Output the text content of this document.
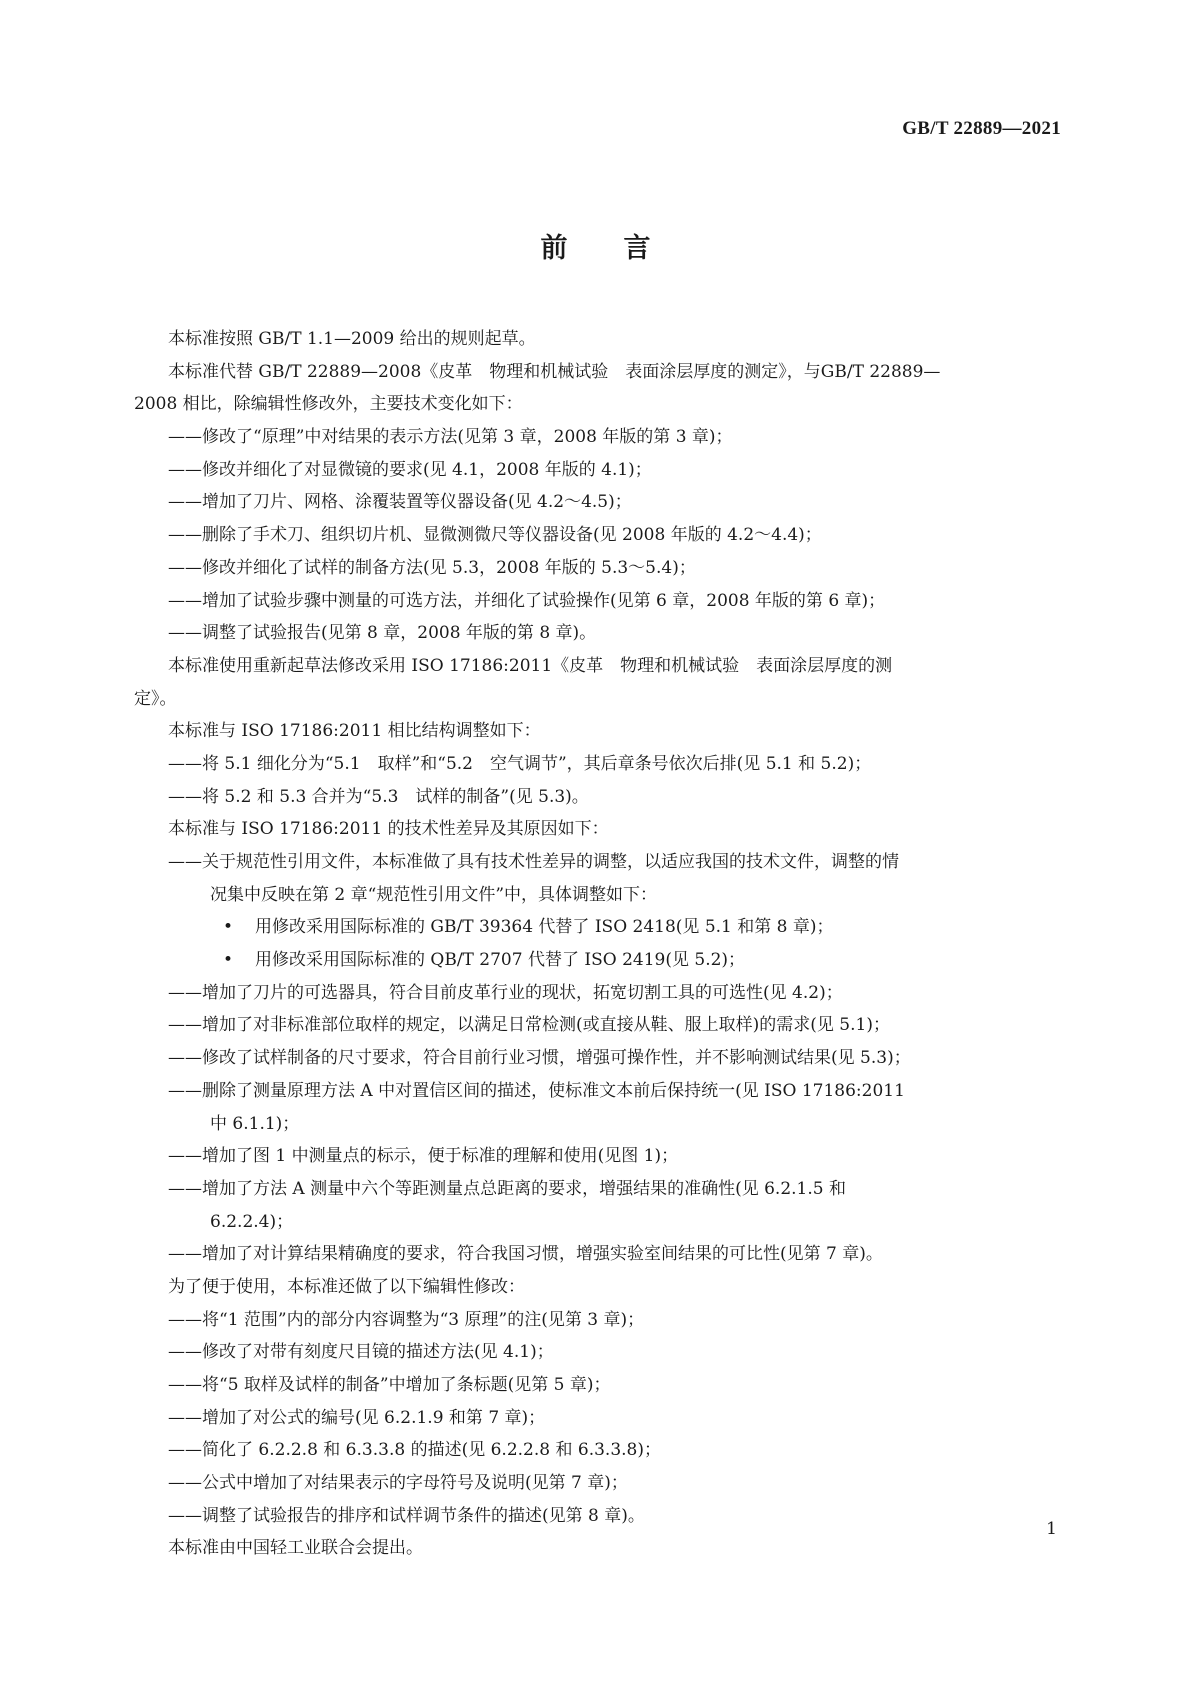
GB/T 22889—2021
前 言
本标准按照 GB/T 1.1—2009 给出的规则起草。
本标准代替 GB/T 22889—2008《皮革　物理和机械试验　表面涂层厚度的测定》，与GB/T 22889—
2008 相比，除编辑性修改外，主要技术变化如下：
——修改了“原理”中对结果的表示方法(见第 3 章，2008 年版的第 3 章)；
——修改并细化了对显微镜的要求(见 4.1，2008 年版的 4.1)；
——增加了刀片、网格、涂覆装置等仪器设备(见 4.2～4.5)；
——删除了手术刀、组织切片机、显微测微尺等仪器设备(见 2008 年版的 4.2～4.4)；
——修改并细化了试样的制备方法(见 5.3，2008 年版的 5.3～5.4)；
——增加了试验步骤中测量的可选方法，并细化了试验操作(见第 6 章，2008 年版的第 6 章)；
——调整了试验报告(见第 8 章，2008 年版的第 8 章)。
本标准使用重新起草法修改采用 ISO 17186:2011《皮革　物理和机械试验　表面涂层厚度的测
定》。
本标准与 ISO 17186:2011 相比结构调整如下：
——将 5.1 细化分为“5.1　取样”和“5.2　空气调节”，其后章条号依次后排(见 5.1 和 5.2)；
——将 5.2 和 5.3 合并为“5.3　试样的制备”(见 5.3)。
本标准与 ISO 17186:2011 的技术性差异及其原因如下：
——关于规范性引用文件，本标准做了具有技术性差异的调整，以适应我国的技术文件，调整的情
况集中反映在第 2 章“规范性引用文件”中，具体调整如下：
• 用修改采用国际标准的 GB/T 39364 代替了 ISO 2418(见 5.1 和第 8 章)；
• 用修改采用国际标准的 QB/T 2707 代替了 ISO 2419(见 5.2)；
——增加了刀片的可选器具，符合目前皮革行业的现状，拓宽切割工具的可选性(见 4.2)；
——增加了对非标准部位取样的规定，以满足日常检测(或直接从鞋、服上取样)的需求(见 5.1)；
——修改了试样制备的尺寸要求，符合目前行业习惯，增强可操作性，并不影响测试结果(见 5.3)；
——删除了测量原理方法 A 中对置信区间的描述，使标准文本前后保持统一(见 ISO 17186:2011
中 6.1.1)；
——增加了图 1 中测量点的标示，便于标准的理解和使用(见图 1)；
——增加了方法 A 测量中六个等距测量点总距离的要求，增强结果的准确性(见 6.2.1.5 和
6.2.2.4)；
——增加了对计算结果精确度的要求，符合我国习惯，增强实验室间结果的可比性(见第 7 章)。
为了便于使用，本标准还做了以下编辑性修改：
——将“1 范围”内的部分内容调整为“3 原理”的注(见第 3 章)；
——修改了对带有刻度尺目镜的描述方法(见 4.1)；
——将“5 取样及试样的制备”中增加了条标题(见第 5 章)；
——增加了对公式的编号(见 6.2.1.9 和第 7 章)；
——简化了 6.2.2.8 和 6.3.3.8 的描述(见 6.2.2.8 和 6.3.3.8)；
——公式中增加了对结果表示的字母符号及说明(见第 7 章)；
——调整了试验报告的排序和试样调节条件的描述(见第 8 章)。
本标准由中国轻工业联合会提出。
1
